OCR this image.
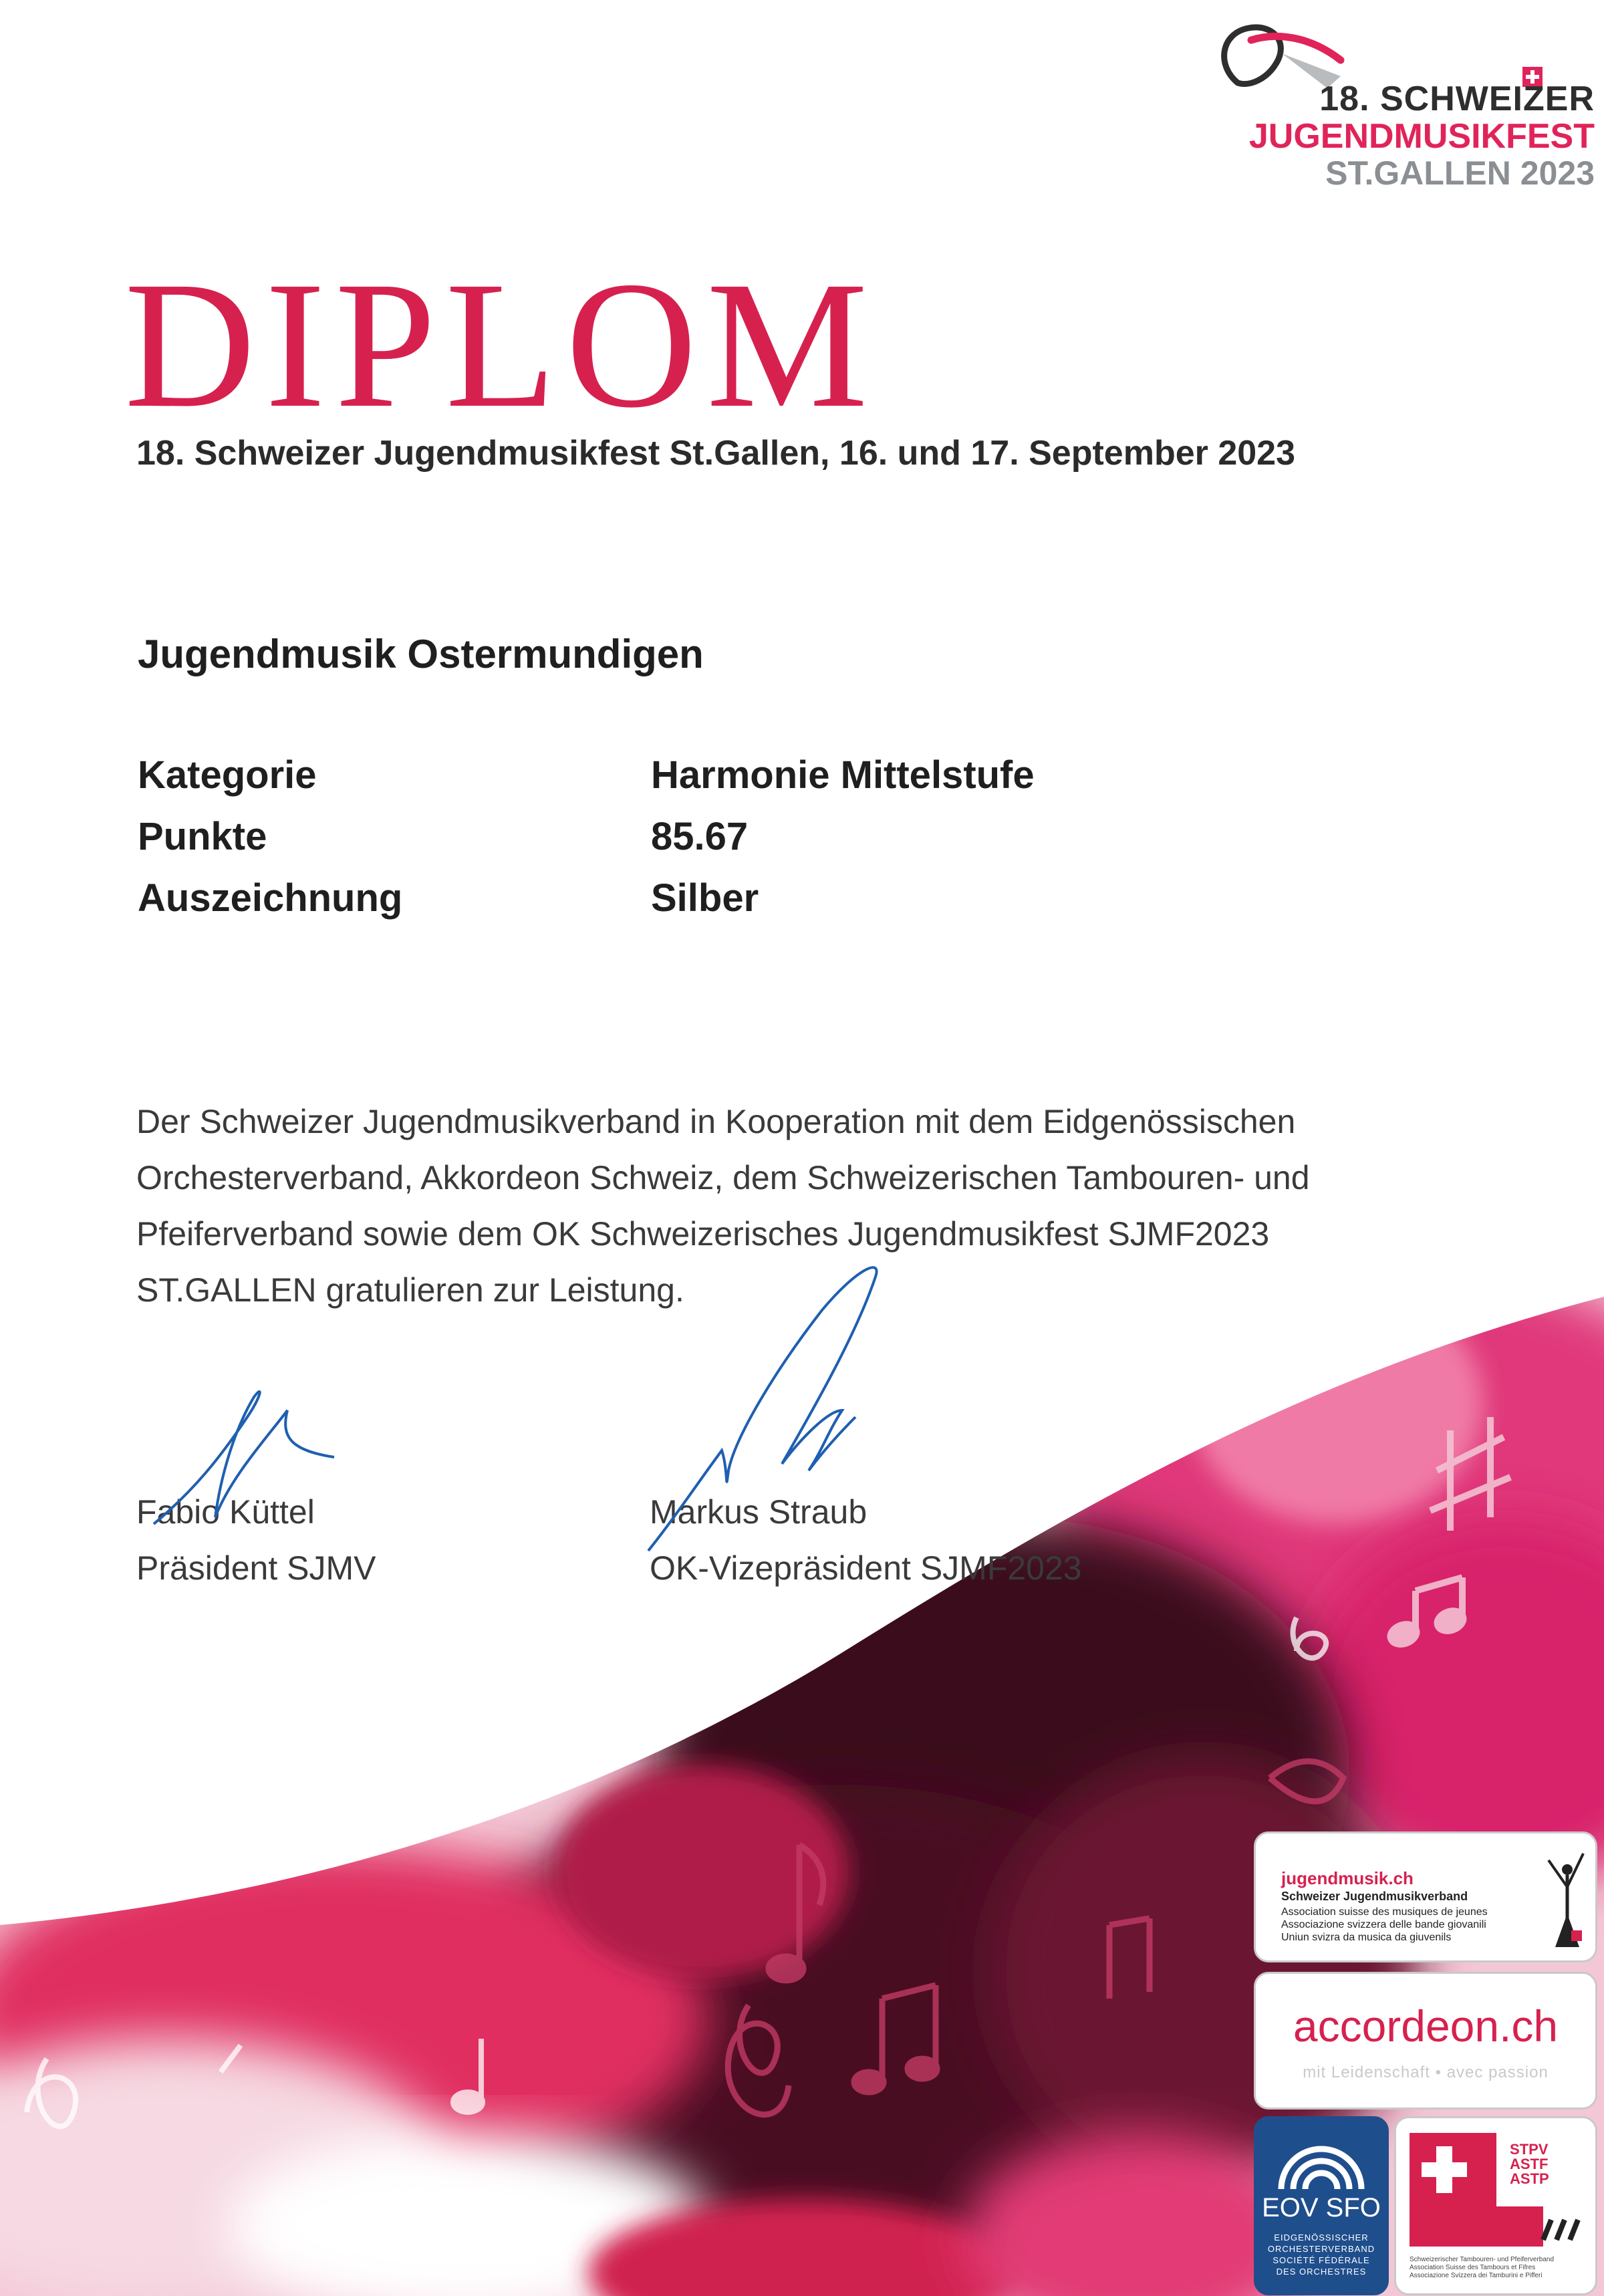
18. SCHWEIZER
JUGENDMUSIKFEST
ST.GALLEN 2023
DIPLOM
18. Schweizer Jugendmusikfest St.Gallen, 16. und 17. September 2023
Jugendmusik Ostermundigen
Kategorie	Harmonie Mittelstufe
Punkte	85.67
Auszeichnung	Silber
Der Schweizer Jugendmusikverband in Kooperation mit dem Eidgenössischen
Orchesterverband, Akkordeon Schweiz, dem Schweizerischen Tambouren- und
Pfeiferverband sowie dem OK Schweizerisches Jugendmusikfest SJMF2023
ST.GALLEN gratulieren zur Leistung.
Fabio Küttel
Präsident SJMV
Markus Straub
OK-Vizepräsident SJMF2023
jugendmusik.ch
Schweizer Jugendmusikverband
Association suisse des musiques de jeunes
Associazione svizzera delle bande giovanili
Uniun svizra da musica da giuvenils
accordeon.ch
mit Leidenschaft • avec passion
EOV SFO
EIDGENÖSSISCHER
ORCHESTERVERBAND
SOCIÉTÉ FÉDÉRALE
DES ORCHESTRES
STPV
ASTF
ASTP
Schweizerischer Tambouren- und Pfeiferverband
Association Suisse des Tambours et Fifres
Associazione Svizzera dei Tamburini e Pifferi
